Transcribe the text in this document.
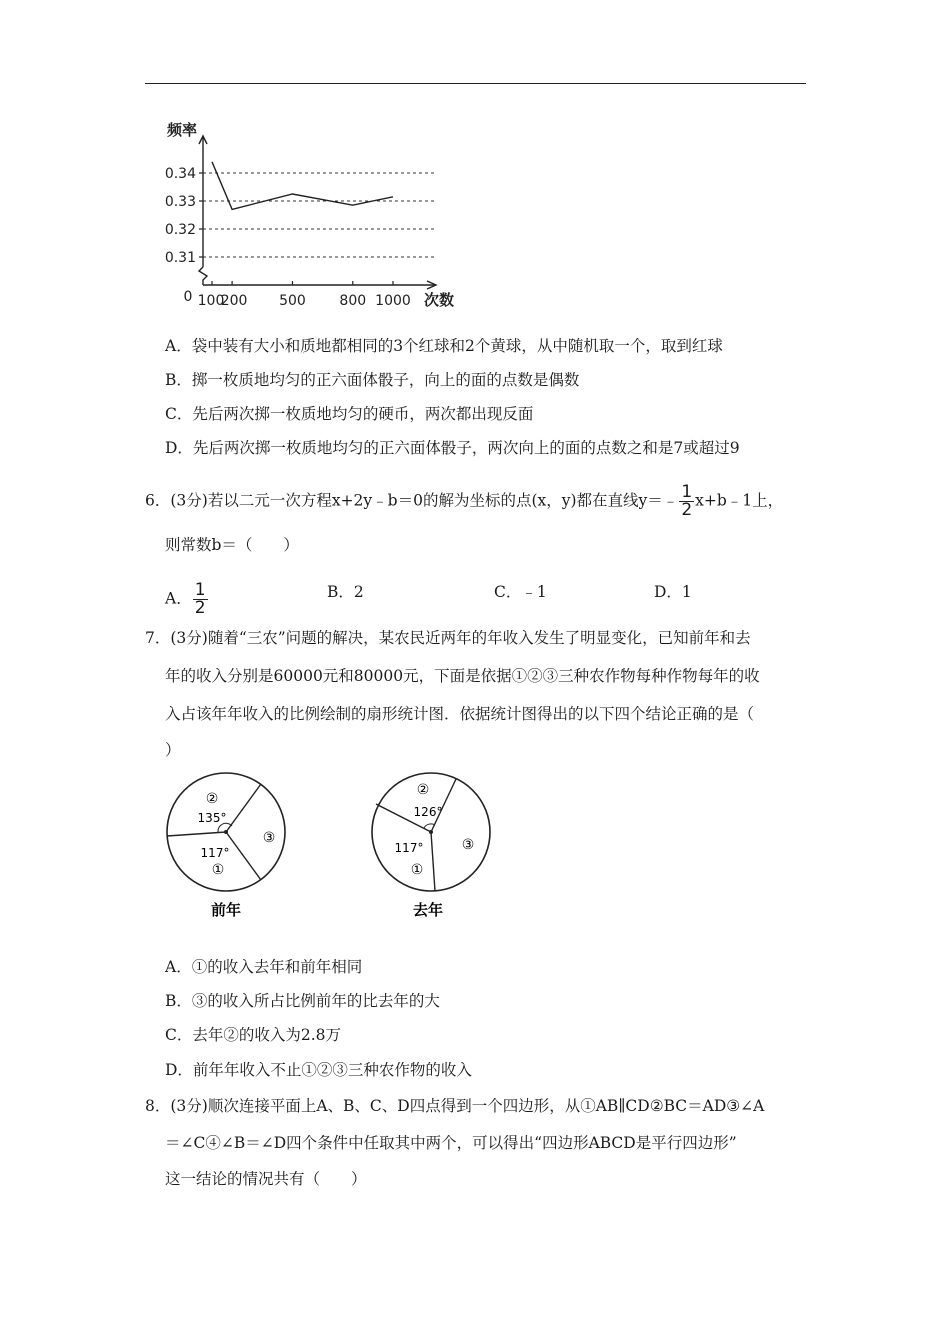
0.34
0.33
0.32
0.31
100
200 500 800 1000
0
频率
次数
A．袋中装有大小和质地都相同的3个红球和2个黄球，从中随机取一个，取到红球
B．掷一枚质地均匀的正六面体骰子，向上的面的点数是偶数
C．先后两次掷一枚质地均匀的硬币，两次都出现反面
D．先后两次掷一枚质地均匀的正六面体骰子，两次向上的面的点数之和是7或超过9
6．(3分)若以二元一次方程x+2y﹣b＝0的解为坐标的点(x，y)都在直线y＝﹣ $\frac{1}{2}$ x+b﹣1上，
则常数b＝（　　）
A． $\frac{1}{2}$	B．2	C．﹣1	D．1
7．(3分)随着“三农”问题的解决，某农民近两年的年收入发生了明显变化，已知前年和去
年的收入分别是60000元和80000元，下面是依据①②③三种农作物每种作物每年的收
入占该年年收入的比例绘制的扇形统计图．依据统计图得出的以下四个结论正确的是（
）
②
135°
117°
①
③
前年
②
126°
117°
①
③
去年
A．①的收入去年和前年相同
B．③的收入所占比例前年的比去年的大
C．去年②的收入为2.8万
D．前年年收入不止①②③三种农作物的收入
8．(3分)顺次连接平面上A、B、C、D四点得到一个四边形，从①AB∥CD②BC＝AD③∠A
＝∠C④∠B＝∠D四个条件中任取其中两个，可以得出“四边形ABCD是平行四边形”
这一结论的情况共有（　　）
